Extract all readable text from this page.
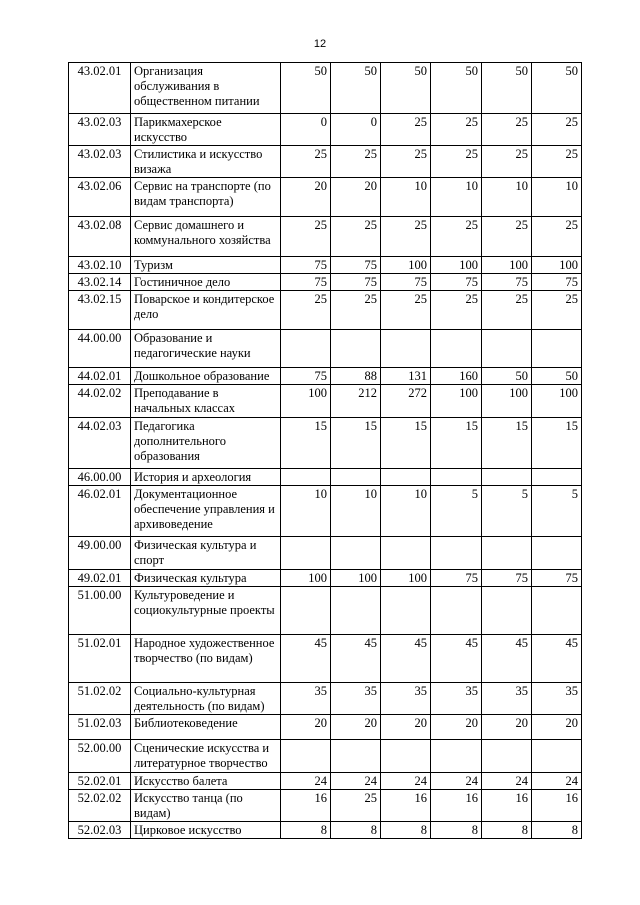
12
43.02.01	Организация обслуживания в общественном питании	50	50	50	50	50	50
43.02.03	Парикмахерское искусство	0	0	25	25	25	25
43.02.03	Стилистика и искусство визажа	25	25	25	25	25	25
43.02.06	Сервис на транспорте (по видам транспорта)	20	20	10	10	10	10
43.02.08	Сервис домашнего и коммунального хозяйства	25	25	25	25	25	25
43.02.10	Туризм	75	75	100	100	100	100
43.02.14	Гостиничное дело	75	75	75	75	75	75
43.02.15	Поварское и кондитерское дело	25	25	25	25	25	25
44.00.00	Образование и педагогические науки						
44.02.01	Дошкольное образование	75	88	131	160	50	50
44.02.02	Преподавание в начальных классах	100	212	272	100	100	100
44.02.03	Педагогика дополнительного образования	15	15	15	15	15	15
46.00.00	История и археология						
46.02.01	Документационное обеспечение управления и архивоведение	10	10	10	5	5	5
49.00.00	Физическая культура и спорт						
49.02.01	Физическая культура	100	100	100	75	75	75
51.00.00	Культуроведение и социокультурные проекты						
51.02.01	Народное художественное творчество (по видам)	45	45	45	45	45	45
51.02.02	Социально-культурная деятельность (по видам)	35	35	35	35	35	35
51.02.03	Библиотековедение	20	20	20	20	20	20
52.00.00	Сценические искусства и литературное творчество						
52.02.01	Искусство балета	24	24	24	24	24	24
52.02.02	Искусство танца (по видам)	16	25	16	16	16	16
52.02.03	Цирковое искусство	8	8	8	8	8	8
